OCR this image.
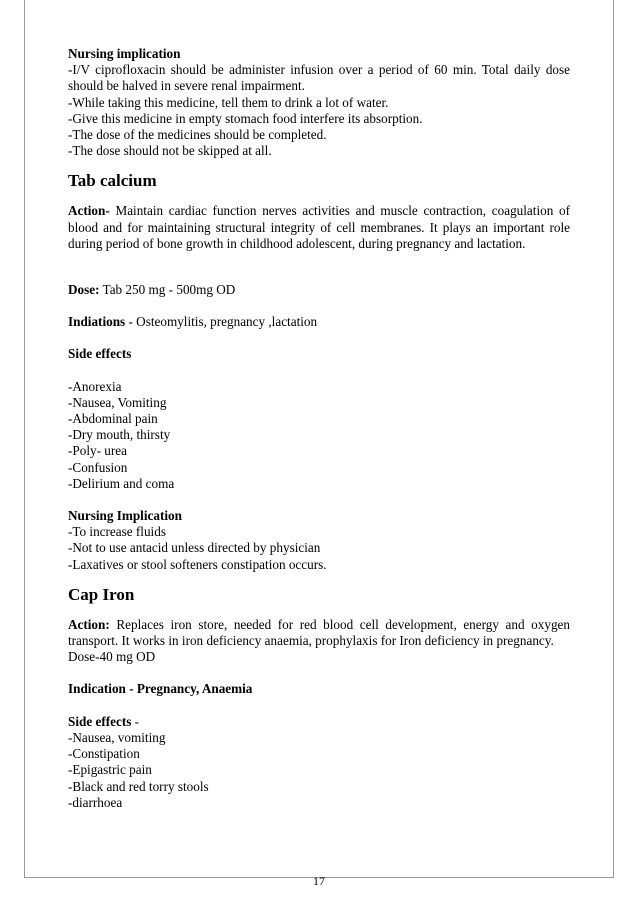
Nursing implication

-I/V ciprofloxacin should be administer infusion over a period of 60 min. Total daily dose should be halved in severe renal impairment.

-While taking this medicine, tell them to drink a lot of water.

-Give this medicine in empty stomach food interfere its absorption.

-The dose of the medicines should be completed.

-The dose should not be skipped at all.

Tab calcium

Action- Maintain cardiac function nerves activities and muscle contraction, coagulation of blood and for maintaining structural integrity of cell membranes. It plays an important role during period of bone growth in childhood adolescent, during pregnancy and lactation.

Dose: Tab 250 mg - 500mg OD

Indiations - Osteomylitis, pregnancy ,lactation

Side effects

-Anorexia

-Nausea, Vomiting

-Abdominal pain

-Dry mouth, thirsty

-Poly- urea

-Confusion

-Delirium and coma

Nursing Implication

-To increase fluids

-Not to use antacid unless directed by physician

-Laxatives or stool softeners constipation occurs.

Cap Iron

Action: Replaces iron store, needed for red blood cell development, energy and oxygen transport. It works in iron deficiency anaemia, prophylaxis for Iron deficiency in pregnancy.

Dose-40 mg OD

Indication - Pregnancy, Anaemia

Side effects -

-Nausea, vomiting

-Constipation

-Epigastric pain

-Black and red torry stools

-diarrhoea

17
